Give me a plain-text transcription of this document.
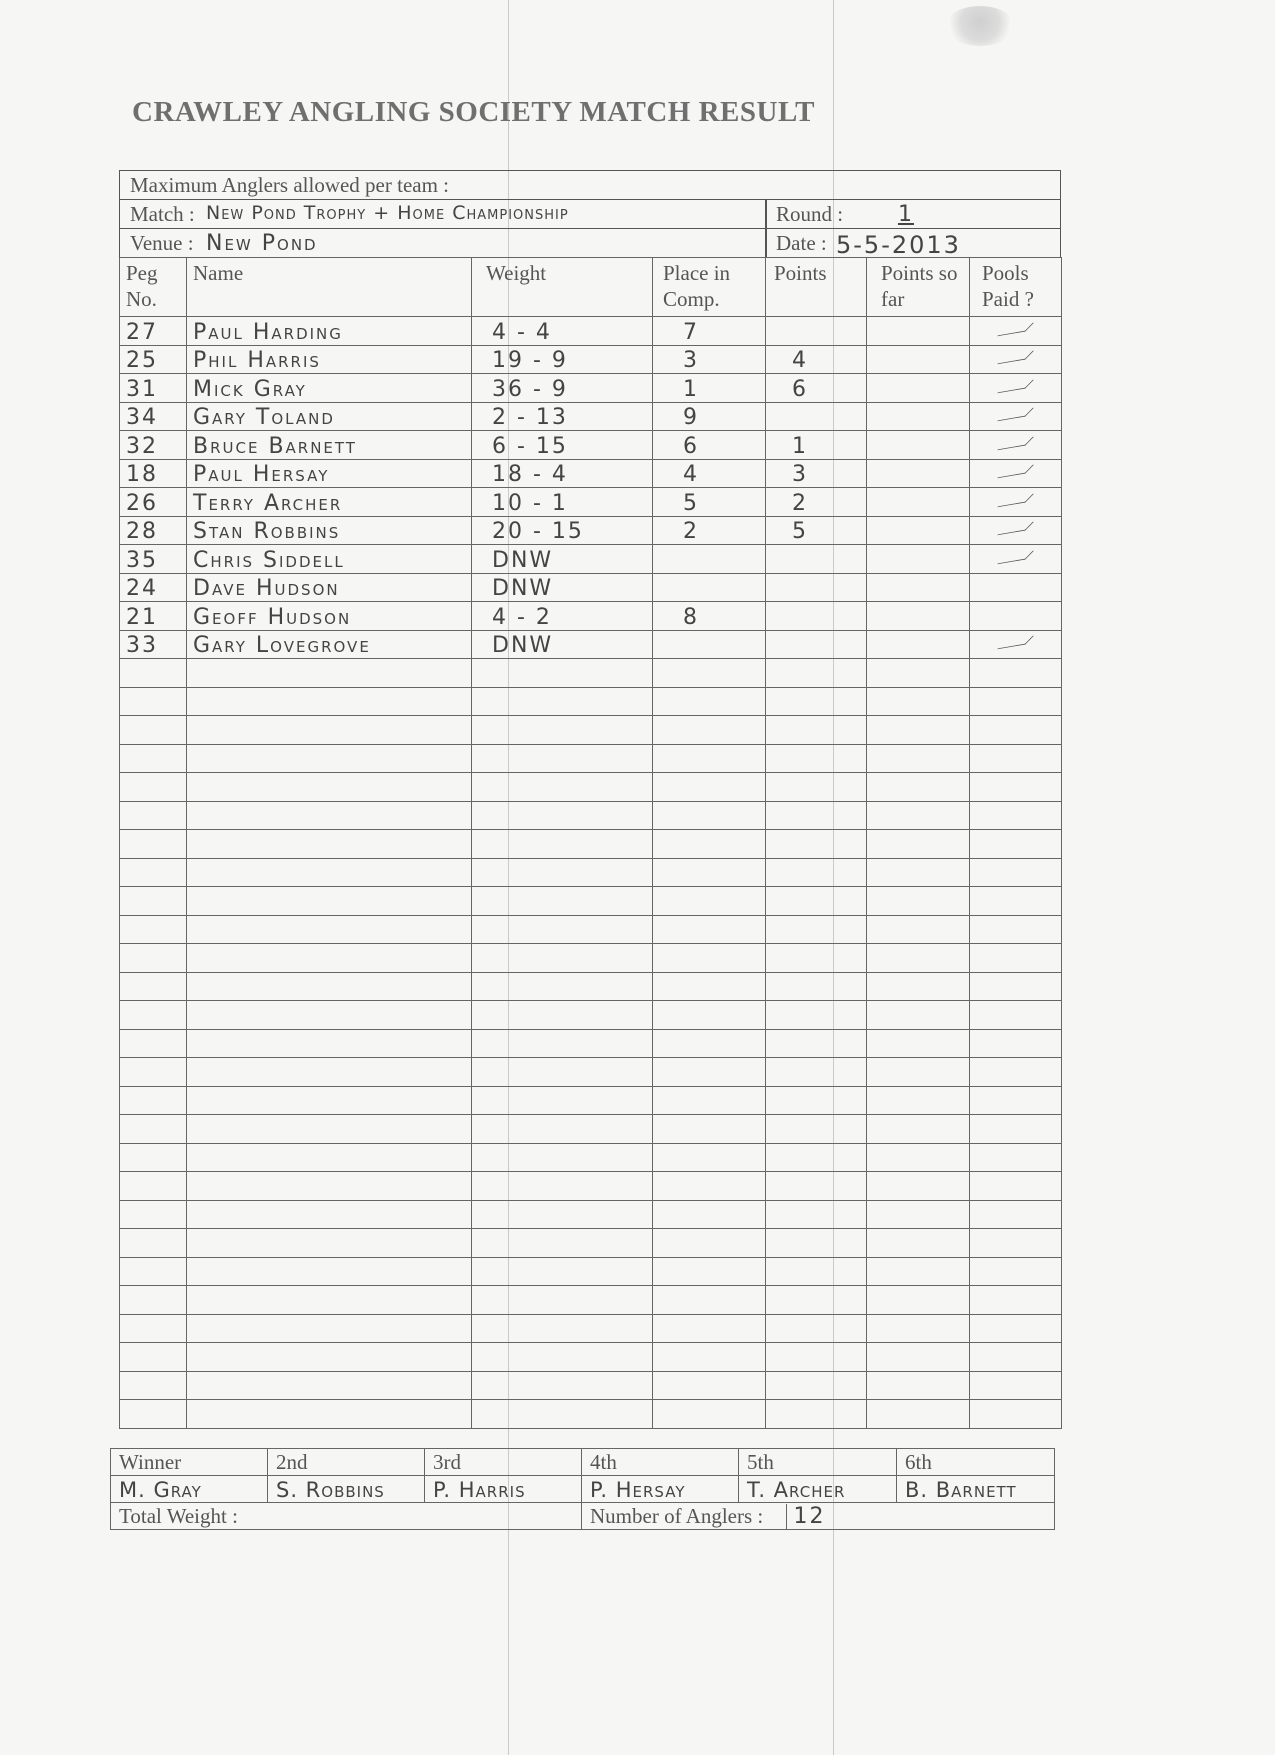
CRAWLEY ANGLING SOCIETY MATCH RESULT
Maximum Anglers allowed per team :
Match : New Pond Trophy + Home Championship	Round : 1
Venue : New Pond	Date : 5-5-2013
Peg No.	Name	Weight	Place in Comp.	Points	Points so far	Pools Paid ?
27	Paul Harding	4 - 4	7			
25	Phil Harris	19 - 9	3	4		
31	Mick Gray	36 - 9	1	6		
34	Gary Toland	2 - 13	9			
32	Bruce Barnett	6 - 15	6	1		
18	Paul Hersay	18 - 4	4	3		
26	Terry Archer	10 - 1	5	2		
28	Stan Robbins	20 - 15	2	5		
35	Chris Siddell	DNW				
24	Dave Hudson	DNW				
21	Geoff Hudson	4 - 2	8			
33	Gary Lovegrove	DNW				

Winner	2nd	3rd	4th	5th	6th
M. Gray	S. Robbins	P. Harris	P. Hersay	T. Archer	B. Barnett
Total Weight :			Number of Anglers : 12		
